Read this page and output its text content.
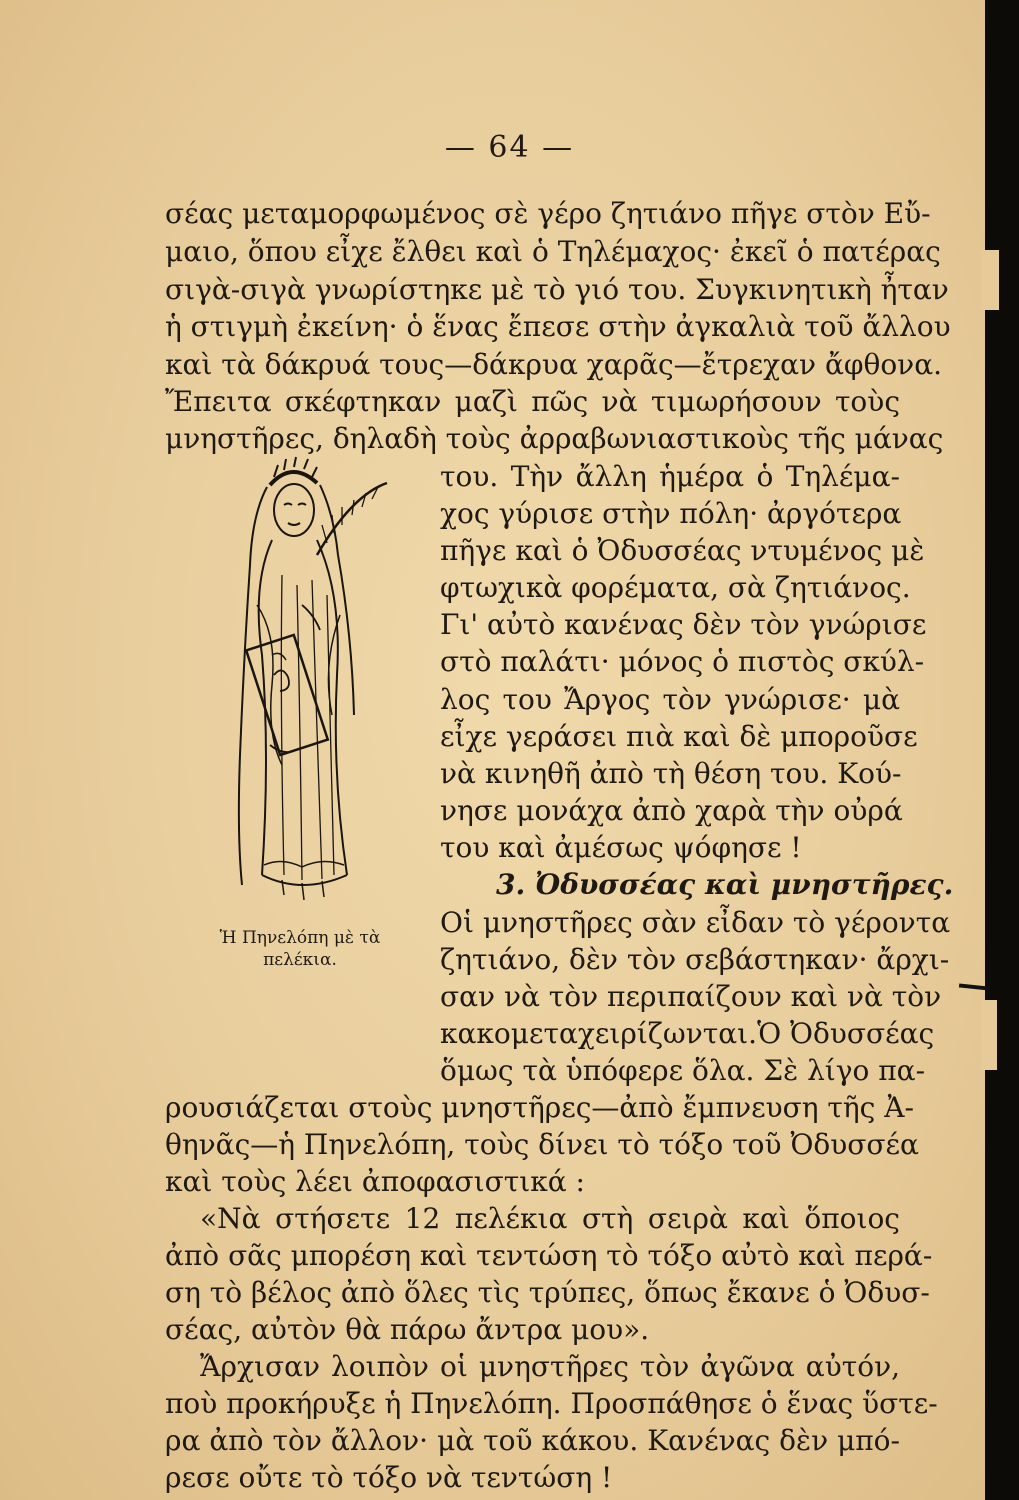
— 64 —
σέας μεταμορφωμένος σὲ γέρο ζητιάνο πῆγε στὸν Εὔ-
μαιο, ὅπου εἶχε ἔλθει καὶ ὁ Τηλέμαχος· ἐκεῖ ὁ πατέρας
σιγὰ-σιγὰ γνωρίστηκε μὲ τὸ γιό του. Συγκινητικὴ ἦταν
ἡ στιγμὴ ἐκείνη· ὁ ἕνας ἔπεσε στὴν ἀγκαλιὰ τοῦ ἄλλου
καὶ τὰ δάκρυά τους—δάκρυα χαρᾶς—ἔτρεχαν ἄφθονα.
Ἔπειτα σκέφτηκαν μαζὶ πῶς νὰ τιμωρήσουν τοὺς
μνηστῆρες, δηλαδὴ τοὺς ἀρραβωνιαστικοὺς τῆς μάνας
του. Τὴν ἄλλη ἡμέρα ὁ Τηλέμα-
χος γύρισε στὴν πόλη· ἀργότερα
πῆγε καὶ ὁ Ὀδυσσέας ντυμένος μὲ
φτωχικὰ φορέματα, σὰ ζητιάνος.
Γι' αὐτὸ κανένας δὲν τὸν γνώρισε
στὸ παλάτι· μόνος ὁ πιστὸς σκύλ-
λος του Ἄργος τὸν γνώρισε· μὰ
εἶχε γεράσει πιὰ καὶ δὲ μποροῦσε
νὰ κινηθῆ ἀπὸ τὴ θέση του. Κού-
νησε μονάχα ἀπὸ χαρὰ τὴν οὐρά
του καὶ ἀμέσως ψόφησε !
3. Ὀδυσσέας καὶ μνηστῆρες.
Οἱ μνηστῆρες σὰν εἶδαν τὸ γέροντα
ζητιάνο, δὲν τὸν σεβάστηκαν· ἄρχι-
σαν νὰ τὸν περιπαίζουν καὶ νὰ τὸν
κακομεταχειρίζωνται.Ὁ Ὀδυσσέας
ὅμως τὰ ὑπόφερε ὅλα. Σὲ λίγο πα-
ρουσιάζεται στοὺς μνηστῆρες—ἀπὸ ἔμπνευση τῆς Ἀ-
θηνᾶς—ἡ Πηνελόπη, τοὺς δίνει τὸ τόξο τοῦ Ὀδυσσέα
καὶ τοὺς λέει ἀποφασιστικά :
«Νὰ στήσετε 12 πελέκια στὴ σειρὰ καὶ ὅποιος
ἀπὸ σᾶς μπορέση καὶ τεντώση τὸ τόξο αὐτὸ καὶ περά-
ση τὸ βέλος ἀπὸ ὅλες τὶς τρύπες, ὅπως ἔκανε ὁ Ὀδυσ-
σέας, αὐτὸν θὰ πάρω ἄντρα μου».
Ἄρχισαν λοιπὸν οἱ μνηστῆρες τὸν ἀγῶνα αὐτόν,
ποὺ προκήρυξε ἡ Πηνελόπη. Προσπάθησε ὁ ἕνας ὕστε-
ρα ἀπὸ τὸν ἄλλον· μὰ τοῦ κάκου. Κανένας δὲν μπό-
ρεσε οὔτε τὸ τόξο νὰ τεντώση !
Ἡ Πηνελόπη μὲ τὰ
πελέκια.
